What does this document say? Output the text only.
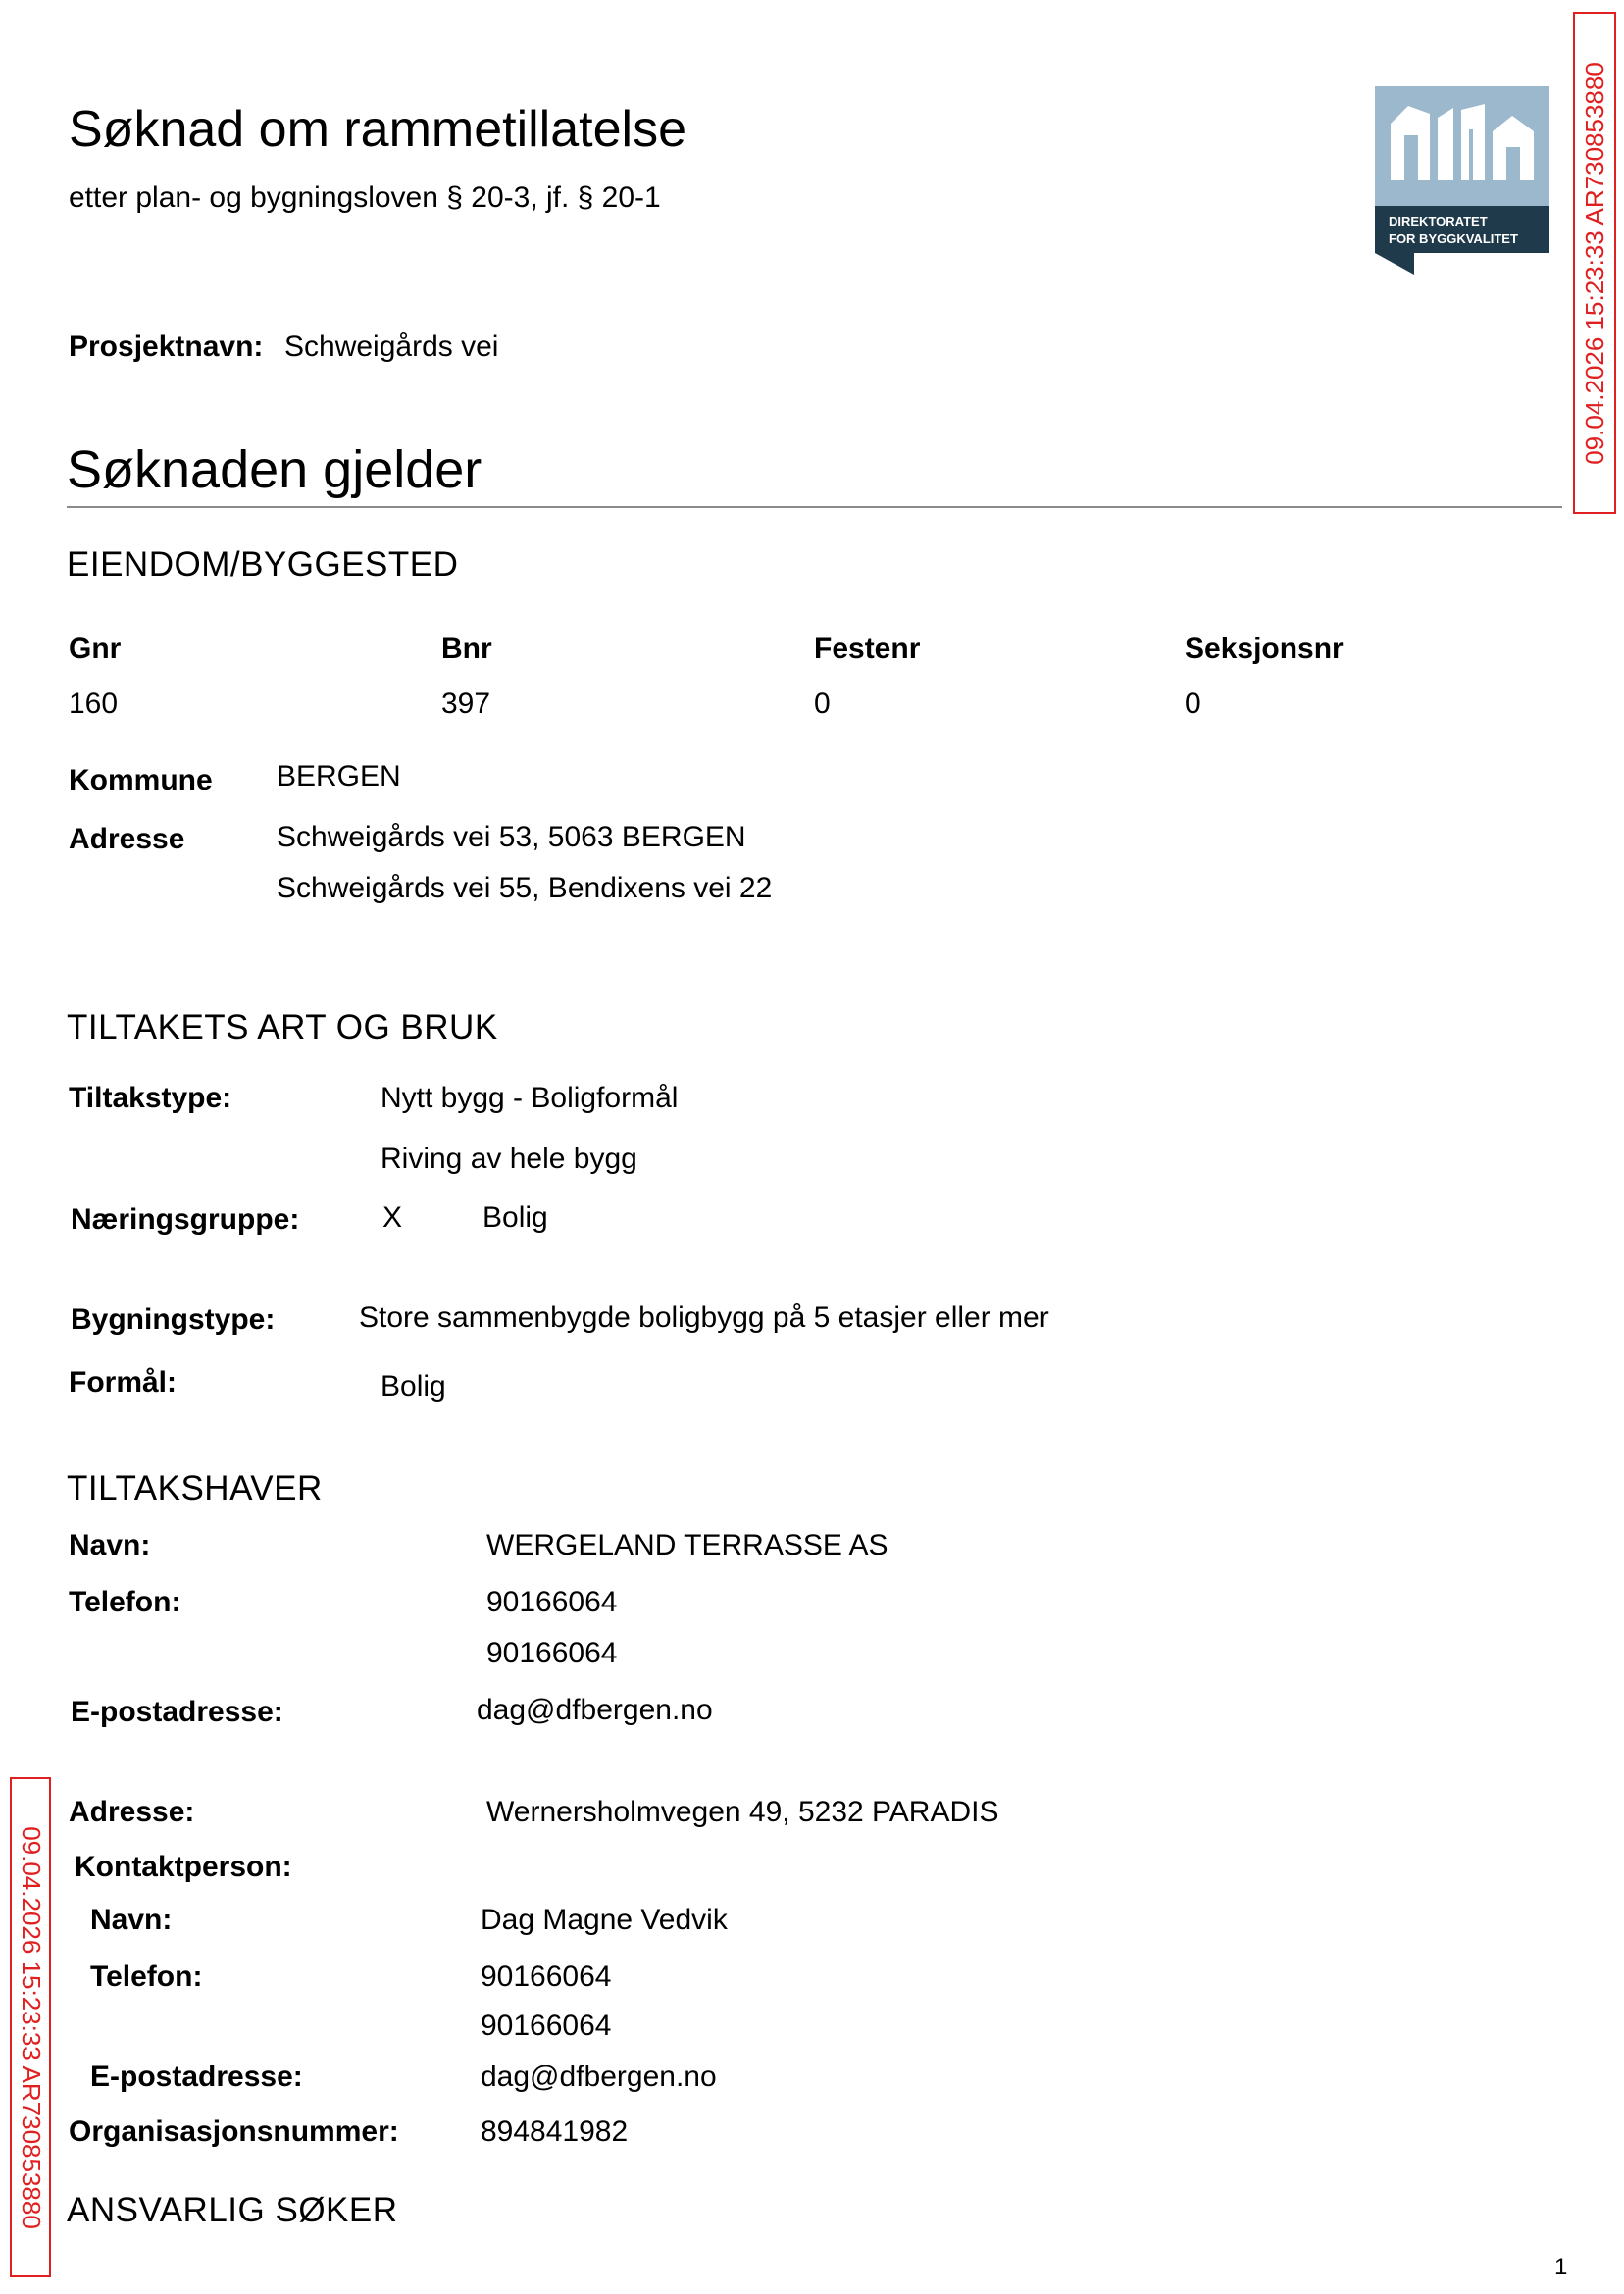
Søknad om rammetillatelse
etter plan- og bygningsloven § 20-3, jf. § 20-1
DIREKTORATET
FOR BYGGKVALITET
Prosjektnavn: Schweigårds vei
Søknaden gjelder
EIENDOM/BYGGESTED
Gnr	Bnr	Festenr	Seksjonsnr
160	397	0	0
Kommune BERGEN
Adresse	Schweigårds vei 53, 5063 BERGEN
Schweigårds vei 55, Bendixens vei 22
TILTAKETS ART OG BRUK
Tiltakstype:	Nytt bygg - Boligformål
Riving av hele bygg
Næringsgruppe:	X	Bolig
Bygningstype:	Store sammenbygde boligbygg på 5 etasjer eller mer
Formål:	Bolig
TILTAKSHAVER
Navn:	WERGELAND TERRASSE AS
Telefon:	90166064
90166064
E-postadresse:	dag@dfbergen.no
Adresse:	Wernersholmvegen 49, 5232 PARADIS
Kontaktperson:
Navn:	Dag Magne Vedvik
Telefon:	90166064
90166064
E-postadresse:	dag@dfbergen.no
Organisasjonsnummer:	894841982
ANSVARLIG SØKER
1
09.04.2026 15:23:33 AR730853880
09.04.2026 15:23:33 AR730853880
